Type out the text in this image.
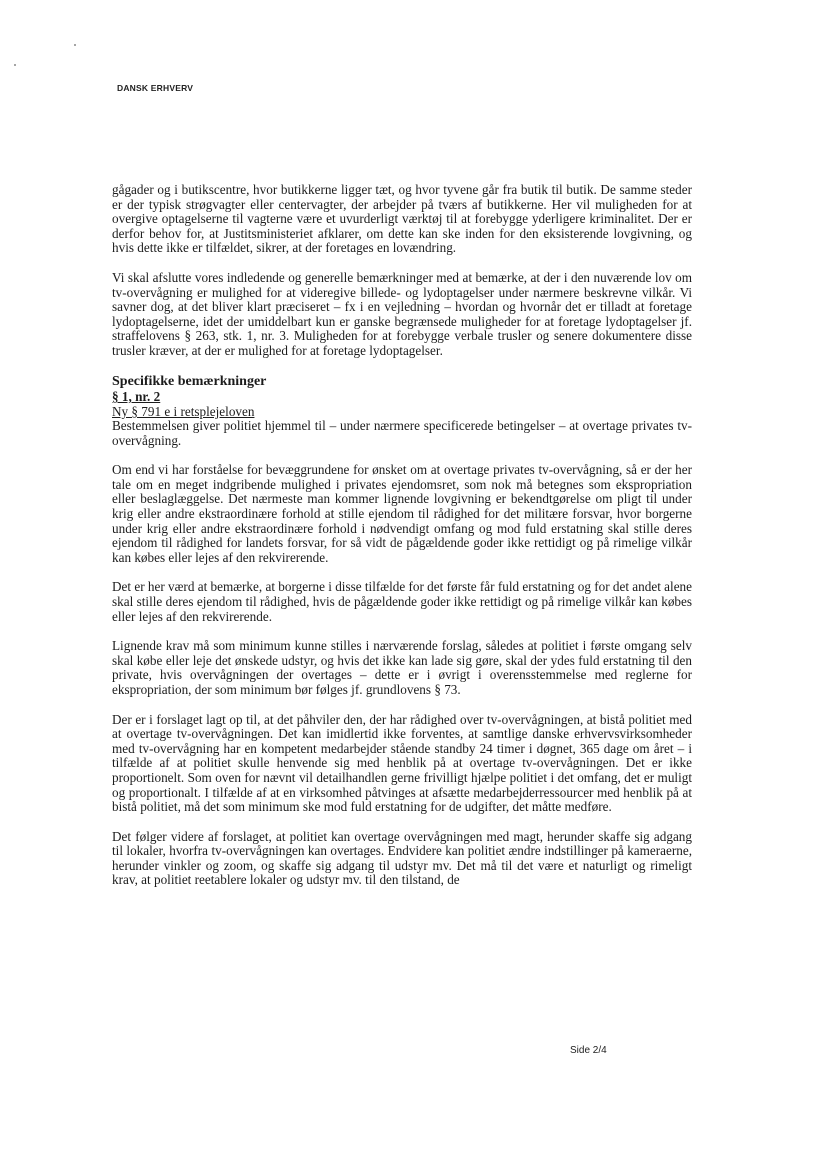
DANSK ERHVERV

gågader og i butikscentre, hvor butikkerne ligger tæt, og hvor tyvene går fra butik til butik. De samme steder er der typisk strøgvagter eller centervagter, der arbejder på tværs af butikkerne. Her vil muligheden for at overgive optagelserne til vagterne være et uvurderligt værktøj til at forebygge yderligere kriminalitet. Der er derfor behov for, at Justitsministeriet afklarer, om dette kan ske inden for den eksisterende lovgivning, og hvis dette ikke er tilfældet, sikrer, at der foretages en lovændring.

Vi skal afslutte vores indledende og generelle bemærkninger med at bemærke, at der i den nuværende lov om tv-overvågning er mulighed for at videregive billede- og lydoptagelser under nærmere beskrevne vilkår. Vi savner dog, at det bliver klart præciseret – fx i en vejledning – hvordan og hvornår det er tilladt at foretage lydoptagelserne, idet der umiddelbart kun er ganske begrænsede muligheder for at foretage lydoptagelser jf. straffelovens § 263, stk. 1, nr. 3. Muligheden for at forebygge verbale trusler og senere dokumentere disse trusler kræver, at der er mulighed for at foretage lydoptagelser.

Specifikke bemærkninger
§ 1, nr. 2
Ny § 791 e i retsplejeloven

Bestemmelsen giver politiet hjemmel til – under nærmere specificerede betingelser – at overtage privates tv-overvågning.

Om end vi har forståelse for bevæggrundene for ønsket om at overtage privates tv-overvågning, så er der her tale om en meget indgribende mulighed i privates ejendomsret, som nok må betegnes som ekspropriation eller beslaglæggelse. Det nærmeste man kommer lignende lovgivning er bekendtgørelse om pligt til under krig eller andre ekstraordinære forhold at stille ejendom til rådighed for det militære forsvar, hvor borgerne under krig eller andre ekstraordinære forhold i nødvendigt omfang og mod fuld erstatning skal stille deres ejendom til rådighed for landets forsvar, for så vidt de pågældende goder ikke rettidigt og på rimelige vilkår kan købes eller lejes af den rekvirerende.

Det er her værd at bemærke, at borgerne i disse tilfælde for det første får fuld erstatning og for det andet alene skal stille deres ejendom til rådighed, hvis de pågældende goder ikke rettidigt og på rimelige vilkår kan købes eller lejes af den rekvirerende.

Lignende krav må som minimum kunne stilles i nærværende forslag, således at politiet i første omgang selv skal købe eller leje det ønskede udstyr, og hvis det ikke kan lade sig gøre, skal der ydes fuld erstatning til den private, hvis overvågningen der overtages – dette er i øvrigt i overensstemmelse med reglerne for ekspropriation, der som minimum bør følges jf. grundlovens § 73.

Der er i forslaget lagt op til, at det påhviler den, der har rådighed over tv-overvågningen, at bistå politiet med at overtage tv-overvågningen. Det kan imidlertid ikke forventes, at samtlige danske erhvervsvirksomheder med tv-overvågning har en kompetent medarbejder stående standby 24 timer i døgnet, 365 dage om året – i tilfælde af at politiet skulle henvende sig med henblik på at overtage tv-overvågningen. Det er ikke proportionelt. Som oven for nævnt vil detailhandlen gerne frivilligt hjælpe politiet i det omfang, det er muligt og proportionalt. I tilfælde af at en virksomhed påtvinges at afsætte medarbejderressourcer med henblik på at bistå politiet, må det som minimum ske mod fuld erstatning for de udgifter, det måtte medføre.

Det følger videre af forslaget, at politiet kan overtage overvågningen med magt, herunder skaffe sig adgang til lokaler, hvorfra tv-overvågningen kan overtages. Endvidere kan politiet ændre indstillinger på kameraerne, herunder vinkler og zoom, og skaffe sig adgang til udstyr mv. Det må til det være et naturligt og rimeligt krav, at politiet reetablere lokaler og udstyr mv. til den tilstand, de

Side 2/4
